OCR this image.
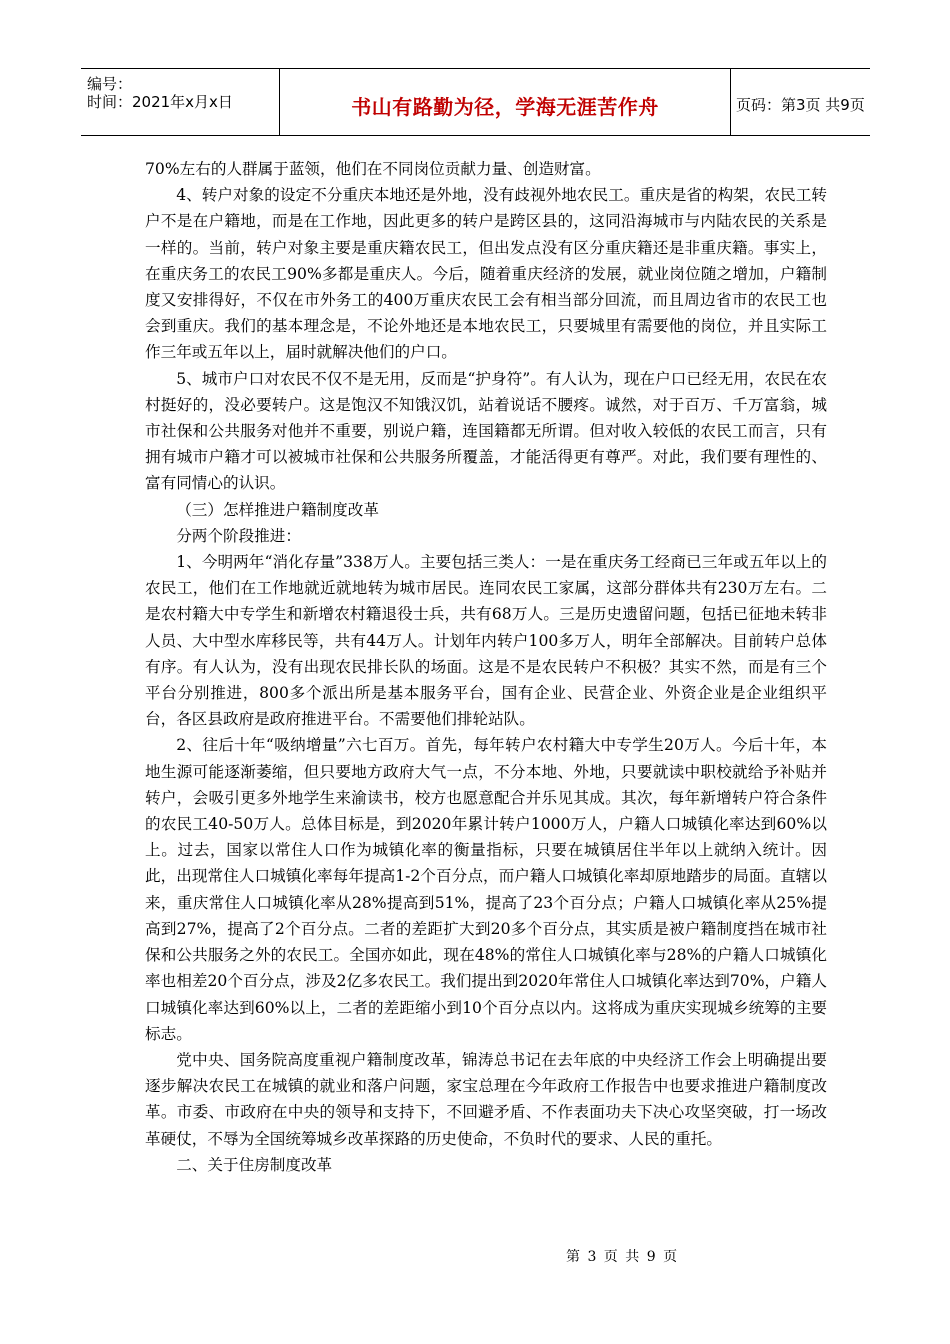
编号：
时间：2021年x月x日	书山有路勤为径，学海无涯苦作舟	页码：第3页 共9页

70%左右的人群属于蓝领，他们在不同岗位贡献力量、创造财富。

4、转户对象的设定不分重庆本地还是外地，没有歧视外地农民工。重庆是省的构架，农民工转户不是在户籍地，而是在工作地，因此更多的转户是跨区县的，这同沿海城市与内陆农民的关系是一样的。当前，转户对象主要是重庆籍农民工，但出发点没有区分重庆籍还是非重庆籍。事实上，在重庆务工的农民工90%多都是重庆人。今后，随着重庆经济的发展，就业岗位随之增加，户籍制度又安排得好，不仅在市外务工的400万重庆农民工会有相当部分回流，而且周边省市的农民工也会到重庆。我们的基本理念是，不论外地还是本地农民工，只要城里有需要他的岗位，并且实际工作三年或五年以上，届时就解决他们的户口。

5、城市户口对农民不仅不是无用，反而是“护身符”。有人认为，现在户口已经无用，农民在农村挺好的，没必要转户。这是饱汉不知饿汉饥，站着说话不腰疼。诚然，对于百万、千万富翁，城市社保和公共服务对他并不重要，别说户籍，连国籍都无所谓。但对收入较低的农民工而言，只有拥有城市户籍才可以被城市社保和公共服务所覆盖，才能活得更有尊严。对此，我们要有理性的、富有同情心的认识。

（三）怎样推进户籍制度改革

分两个阶段推进：

1、今明两年“消化存量”338万人。主要包括三类人：一是在重庆务工经商已三年或五年以上的农民工，他们在工作地就近就地转为城市居民。连同农民工家属，这部分群体共有230万左右。二是农村籍大中专学生和新增农村籍退役士兵，共有68万人。三是历史遗留问题，包括已征地未转非人员、大中型水库移民等，共有44万人。计划年内转户100多万人，明年全部解决。目前转户总体有序。有人认为，没有出现农民排长队的场面。这是不是农民转户不积极？其实不然，而是有三个平台分别推进，800多个派出所是基本服务平台，国有企业、民营企业、外资企业是企业组织平台，各区县政府是政府推进平台。不需要他们排轮站队。

2、往后十年“吸纳增量”六七百万。首先，每年转户农村籍大中专学生20万人。今后十年，本地生源可能逐渐萎缩，但只要地方政府大气一点，不分本地、外地，只要就读中职校就给予补贴并转户，会吸引更多外地学生来渝读书，校方也愿意配合并乐见其成。其次，每年新增转户符合条件的农民工40-50万人。总体目标是，到2020年累计转户1000万人，户籍人口城镇化率达到60%以上。过去，国家以常住人口作为城镇化率的衡量指标，只要在城镇居住半年以上就纳入统计。因此，出现常住人口城镇化率每年提高1-2个百分点，而户籍人口城镇化率却原地踏步的局面。直辖以来，重庆常住人口城镇化率从28%提高到51%，提高了23个百分点；户籍人口城镇化率从25%提高到27%，提高了2个百分点。二者的差距扩大到20多个百分点，其实质是被户籍制度挡在城市社保和公共服务之外的农民工。全国亦如此，现在48%的常住人口城镇化率与28%的户籍人口城镇化率也相差20个百分点，涉及2亿多农民工。我们提出到2020年常住人口城镇化率达到70%，户籍人口城镇化率达到60%以上，二者的差距缩小到10个百分点以内。这将成为重庆实现城乡统筹的主要标志。

党中央、国务院高度重视户籍制度改革，锦涛总书记在去年底的中央经济工作会上明确提出要逐步解决农民工在城镇的就业和落户问题，家宝总理在今年政府工作报告中也要求推进户籍制度改革。市委、市政府在中央的领导和支持下，不回避矛盾、不作表面功夫下决心攻坚突破，打一场改革硬仗，不辱为全国统筹城乡改革探路的历史使命，不负时代的要求、人民的重托。

二、关于住房制度改革

第 3 页 共 9 页
